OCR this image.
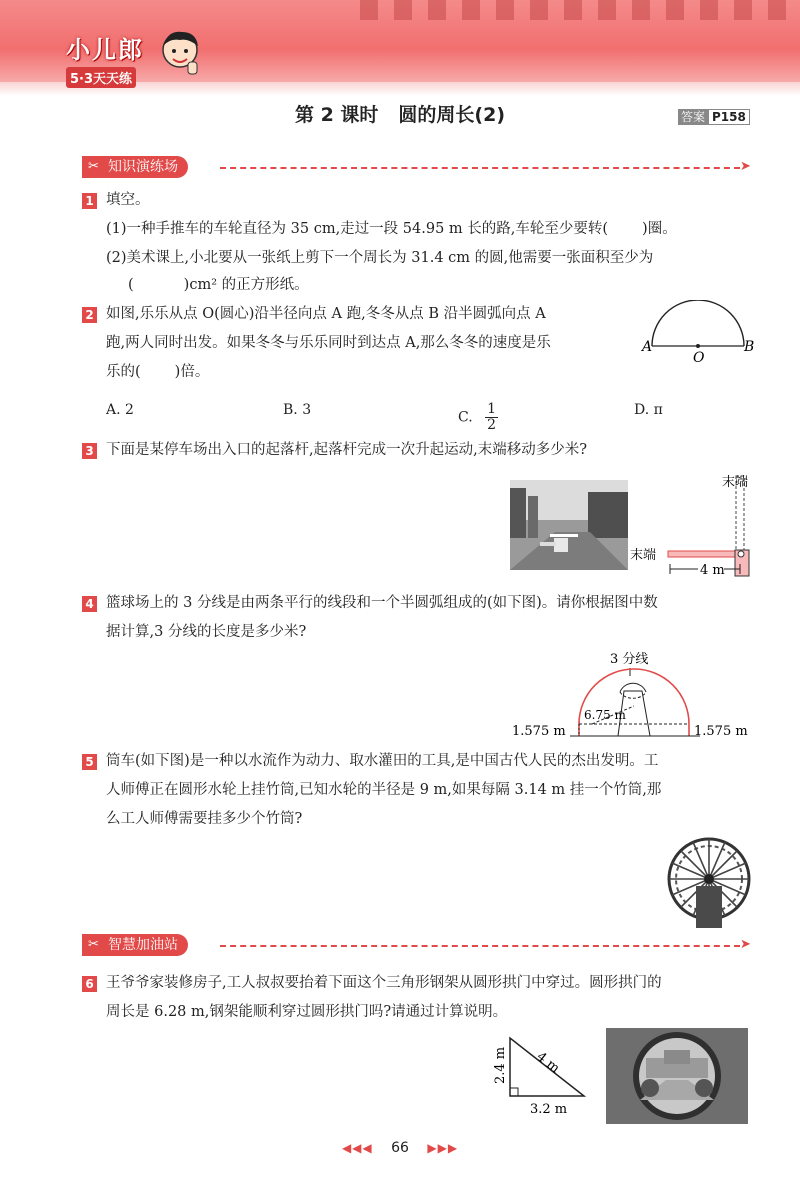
小儿郎
5·3天天练
第 2 课时 圆的周长(2)	答案 P158
✂ 知识演练场	➤
1 填空。
(1)一种手推车的车轮直径为 35 cm,走过一段 54.95 m 长的路,车轮至少要转( )圈。
(2)美术课上,小北要从一张纸上剪下一个周长为 31.4 cm 的圆,他需要一张面积至少为
(	)cm² 的正方形纸。
2 如图,乐乐从点 O(圆心)沿半径向点 A 跑,冬冬从点 B 沿半圆弧向点 A
跑,两人同时出发。如果冬冬与乐乐同时到达点 A,那么冬冬的速度是乐
乐的( )倍。
A
O
B
A. 2	B. 3	C. $\frac{1}{2}$	D. π
3 下面是某停车场出入口的起落杆,起落杆完成一次升起运动,末端移动多少米?
末端
末端
4 m
4 篮球场上的 3 分线是由两条平行的线段和一个半圆弧组成的(如下图)。请你根据图中数
据计算,3 分线的长度是多少米?
3 分线
6.75 m
1.575 m	1.575 m
5 筒车(如下图)是一种以水流作为动力、取水灌田的工具,是中国古代人民的杰出发明。工
人师傅正在圆形水轮上挂竹筒,已知水轮的半径是 9 m,如果每隔 3.14 m 挂一个竹筒,那
么工人师傅需要挂多少个竹筒?
✂ 智慧加油站	➤
6 王爷爷家装修房子,工人叔叔要抬着下面这个三角形钢架从圆形拱门中穿过。圆形拱门的
周长是 6.28 m,钢架能顺利穿过圆形拱门吗?请通过计算说明。
2.4 m 4 m
3.2 m
◀◀◀ 66 ▶▶▶
